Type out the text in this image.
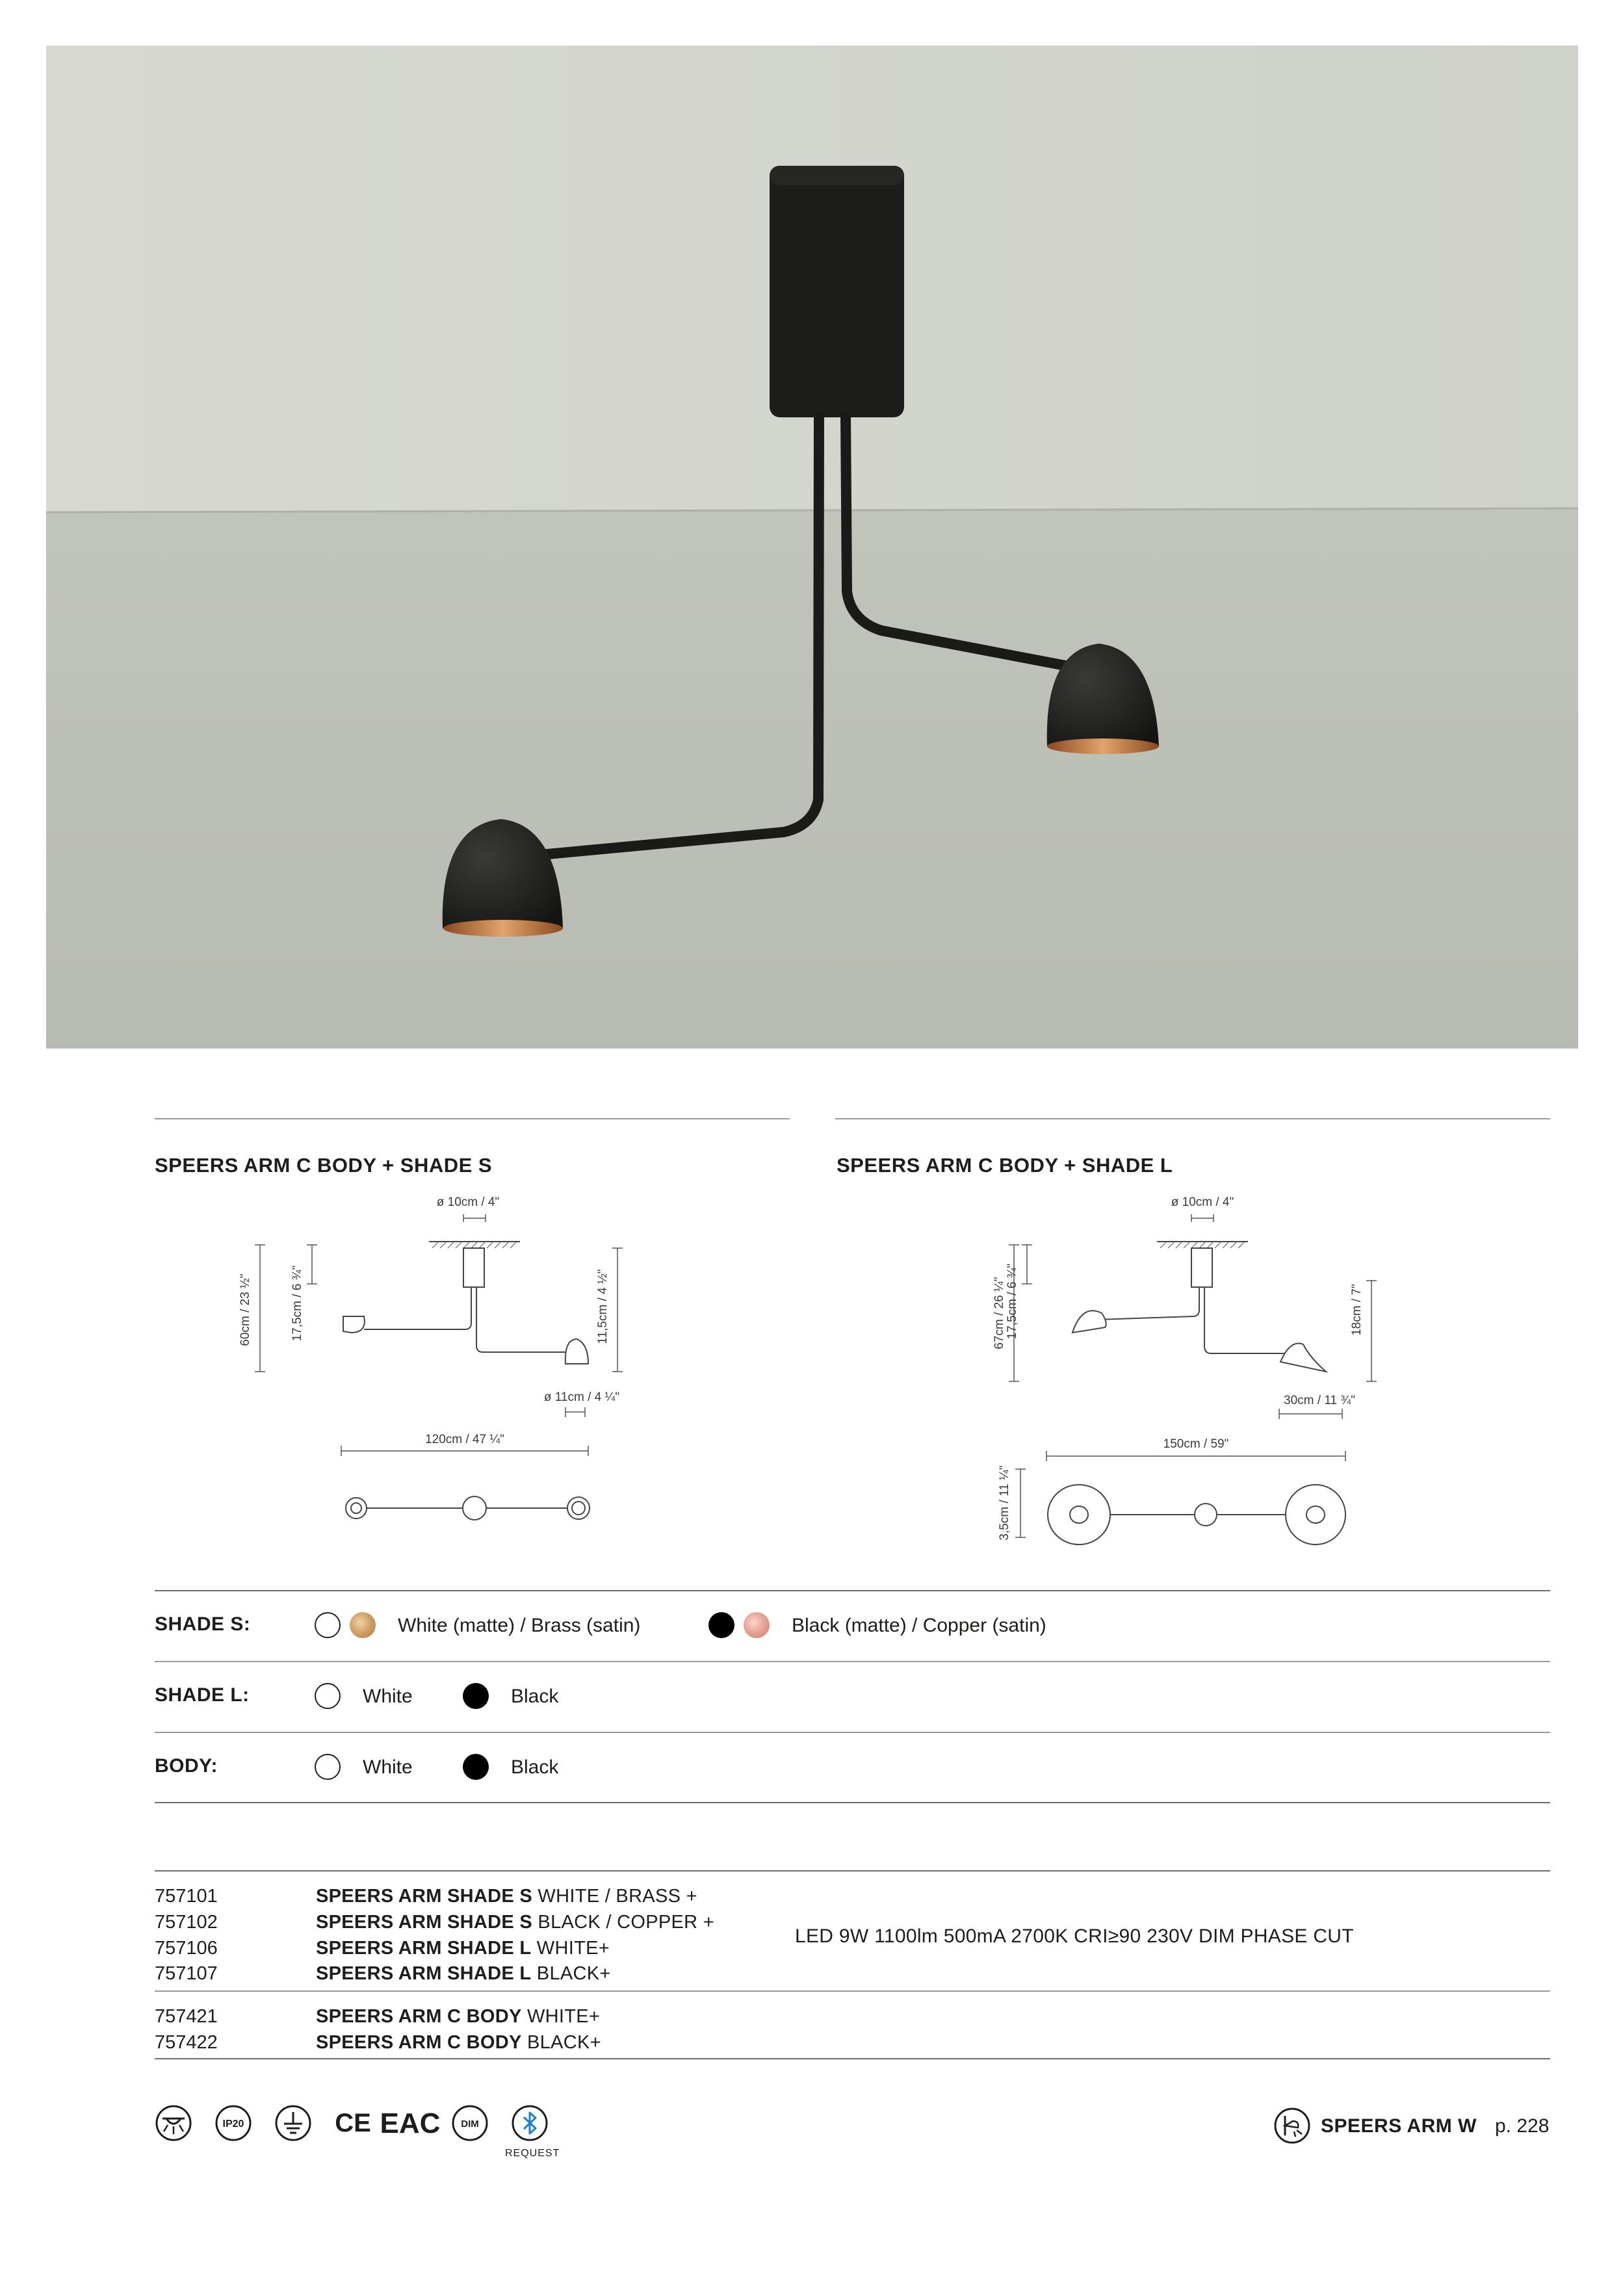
SPEERS ARM C BODY + SHADE S	SPEERS ARM C BODY + SHADE L
ø 10cm / 4"
60cm / 23 ½"	17,5cm / 6 ¾"	11,5cm / 4 ½"
ø 11cm / 4 ¼"
120cm / 47 ¼"
ø 10cm / 4"
67cm / 26 ¼" 17,5cm / 6 ¾"	18cm / 7"
30cm / 11 ¾"
150cm / 59"
3,5cm / 11 ¼"
SHADE S:	White (matte) / Brass (satin)	Black (matte) / Copper (satin)
SHADE L:	White	Black
BODY:	White	Black
757101	SPEERS ARM SHADE S WHITE / BRASS +
757102	SPEERS ARM SHADE S BLACK / COPPER +
757106	SPEERS ARM SHADE L WHITE+
757107	SPEERS ARM SHADE L BLACK+
LED 9W 1100lm 500mA 2700K CRI≥90 230V DIM PHASE CUT
757421	SPEERS ARM C BODY WHITE+
757422	SPEERS ARM C BODY BLACK+
IP20	CE EAC DIM
REQUEST
SPEERS ARM W p. 228
